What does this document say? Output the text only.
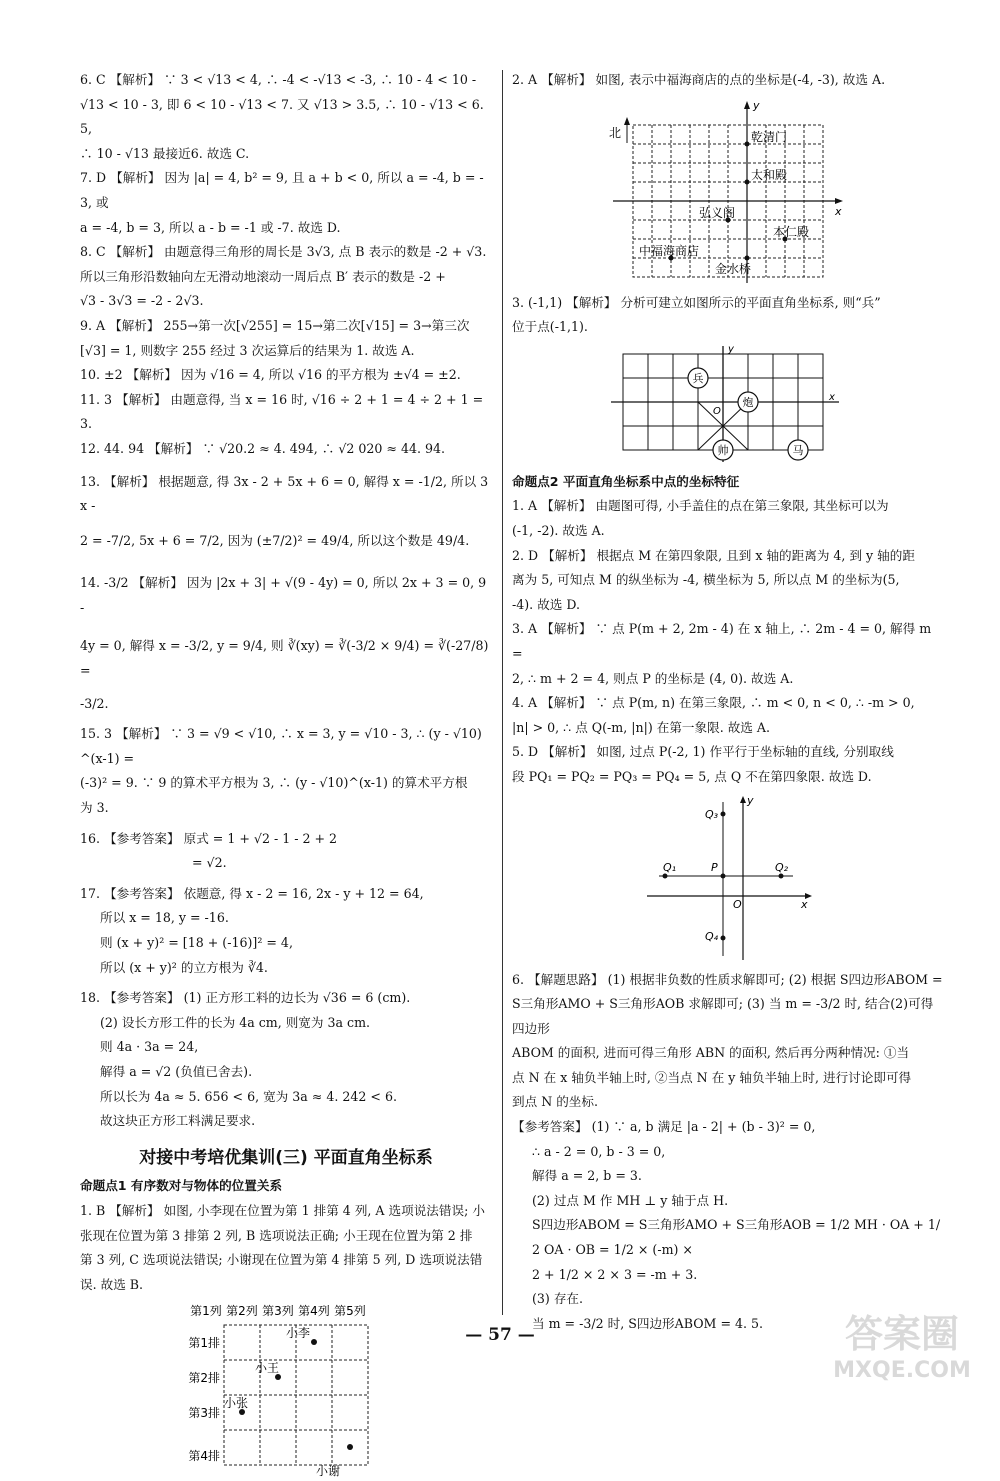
6. C 【解析】 ∵ 3 < √13 < 4, ∴ -4 < -√13 < -3, ∴ 10 - 4 < 10 -

√13 < 10 - 3, 即 6 < 10 - √13 < 7. 又 √13 > 3.5, ∴ 10 - √13 < 6.5,

∴ 10 - √13 最接近6. 故选 C.

7. D 【解析】 因为 |a| = 4, b² = 9, 且 a + b < 0, 所以 a = -4, b = -3, 或

a = -4, b = 3, 所以 a - b = -1 或 -7. 故选 D.

8. C 【解析】 由题意得三角形的周长是 3√3, 点 B 表示的数是 -2 + √3.

所以三角形沿数轴向左无滑动地滚动一周后点 B′ 表示的数是 -2 +

√3 - 3√3 = -2 - 2√3.

9. A 【解析】 255→第一次[√255] = 15→第二次[√15] = 3→第三次

[√3] = 1, 则数字 255 经过 3 次运算后的结果为 1. 故选 A.

10. ±2 【解析】 因为 √16 = 4, 所以 √16 的平方根为 ±√4 = ±2.

11. 3 【解析】 由题意得, 当 x = 16 时, √16 ÷ 2 + 1 = 4 ÷ 2 + 1 = 3.

12. 44. 94 【解析】 ∵ √20.2 ≈ 4. 494, ∴ √2 020 ≈ 44. 94.

13. 【解析】 根据题意, 得 3x - 2 + 5x + 6 = 0, 解得 x = -1/2, 所以 3x -

2 = -7/2, 5x + 6 = 7/2, 因为 (±7/2)² = 49/4, 所以这个数是 49/4.

14. -3/2 【解析】 因为 |2x + 3| + √(9 - 4y) = 0, 所以 2x + 3 = 0, 9 -

4y = 0, 解得 x = -3/2, y = 9/4, 则 ∛(xy) = ∛(-3/2 × 9/4) = ∛(-27/8) =

-3/2.

15. 3 【解析】 ∵ 3 = √9 < √10, ∴ x = 3, y = √10 - 3, ∴ (y - √10)^(x-1) =

(-3)² = 9. ∵ 9 的算术平方根为 3, ∴ (y - √10)^(x-1) 的算术平方根

为 3.

16. 【参考答案】 原式 = 1 + √2 - 1 - 2 + 2

= √2.

17. 【参考答案】 依题意, 得 x - 2 = 16, 2x - y + 12 = 64,

所以 x = 18, y = -16.

则 (x + y)² = [18 + (-16)]² = 4,

所以 (x + y)² 的立方根为 ∛4.

18. 【参考答案】 (1) 正方形工料的边长为 √36 = 6 (cm).

(2) 设长方形工件的长为 4a cm, 则宽为 3a cm.

则 4a · 3a = 24,

解得 a = √2 (负值已舍去).

所以长为 4a ≈ 5. 656 < 6, 宽为 3a ≈ 4. 242 < 6.

故这块正方形工料满足要求.

对接中考培优集训(三) 平面直角坐标系
命题点1 有序数对与物体的位置关系

1. B 【解析】 如图, 小李现在位置为第 1 排第 4 列, A 选项说法错误; 小

张现在位置为第 3 排第 2 列, B 选项说法正确; 小王现在位置为第 2 排

第 3 列, C 选项说法错误; 小谢现在位置为第 4 排第 5 列, D 选项说法错

误. 故选 B.

第1列 第2列 第3列 第4列 第5列
第1排
第2排
第3排
第4排
小李
小王
小张
小谢

2. A 【解析】 如图, 表示中福海商店的点的坐标是(-4, -3), 故选 A.

y
x
北	乾清门
太和殿
弘义阁
本仁殿
中福海商店
金水桥

3. (-1,1) 【解析】 分析可建立如图所示的平面直角坐标系, 则“兵”

位于点(-1,1).

y
x
O
兵
炮
帅	马
命题点2 平面直角坐标系中点的坐标特征

1. A 【解析】 由题图可得, 小手盖住的点在第三象限, 其坐标可以为

(-1, -2). 故选 A.

2. D 【解析】 根据点 M 在第四象限, 且到 x 轴的距离为 4, 到 y 轴的距

离为 5, 可知点 M 的纵坐标为 -4, 横坐标为 5, 所以点 M 的坐标为(5,

-4). 故选 D.

3. A 【解析】 ∵ 点 P(m + 2, 2m - 4) 在 x 轴上, ∴ 2m - 4 = 0, 解得 m =

2, ∴ m + 2 = 4, 则点 P 的坐标是 (4, 0). 故选 A.

4. A 【解析】 ∵ 点 P(m, n) 在第三象限, ∴ m < 0, n < 0, ∴ -m > 0,

|n| > 0, ∴ 点 Q(-m, |n|) 在第一象限. 故选 A.

5. D 【解析】 如图, 过点 P(-2, 1) 作平行于坐标轴的直线, 分别取线

段 PQ₁ = PQ₂ = PQ₃ = PQ₄ = 5, 点 Q 不在第四象限. 故选 D.

Q₃
Q₁	P	Q₂
O
Q₄
x
y

6. 【解题思路】 (1) 根据非负数的性质求解即可; (2) 根据 S四边形ABOM =

S三角形AMO + S三角形AOB 求解即可; (3) 当 m = -3/2 时, 结合(2)可得四边形

ABOM 的面积, 进而可得三角形 ABN 的面积, 然后再分两种情况: ①当

点 N 在 x 轴负半轴上时, ②当点 N 在 y 轴负半轴上时, 进行讨论即可得

到点 N 的坐标.

【参考答案】 (1) ∵ a, b 满足 |a - 2| + (b - 3)² = 0,

∴ a - 2 = 0, b - 3 = 0,

解得 a = 2, b = 3.

(2) 过点 M 作 MH ⊥ y 轴于点 H.

S四边形ABOM = S三角形AMO + S三角形AOB = 1/2 MH · OA + 1/2 OA · OB = 1/2 × (-m) ×

2 + 1/2 × 2 × 3 = -m + 3.

(3) 存在.

当 m = -3/2 时, S四边形ABOM = 4. 5.

— 57 —	答案圈
MXQE.COM
